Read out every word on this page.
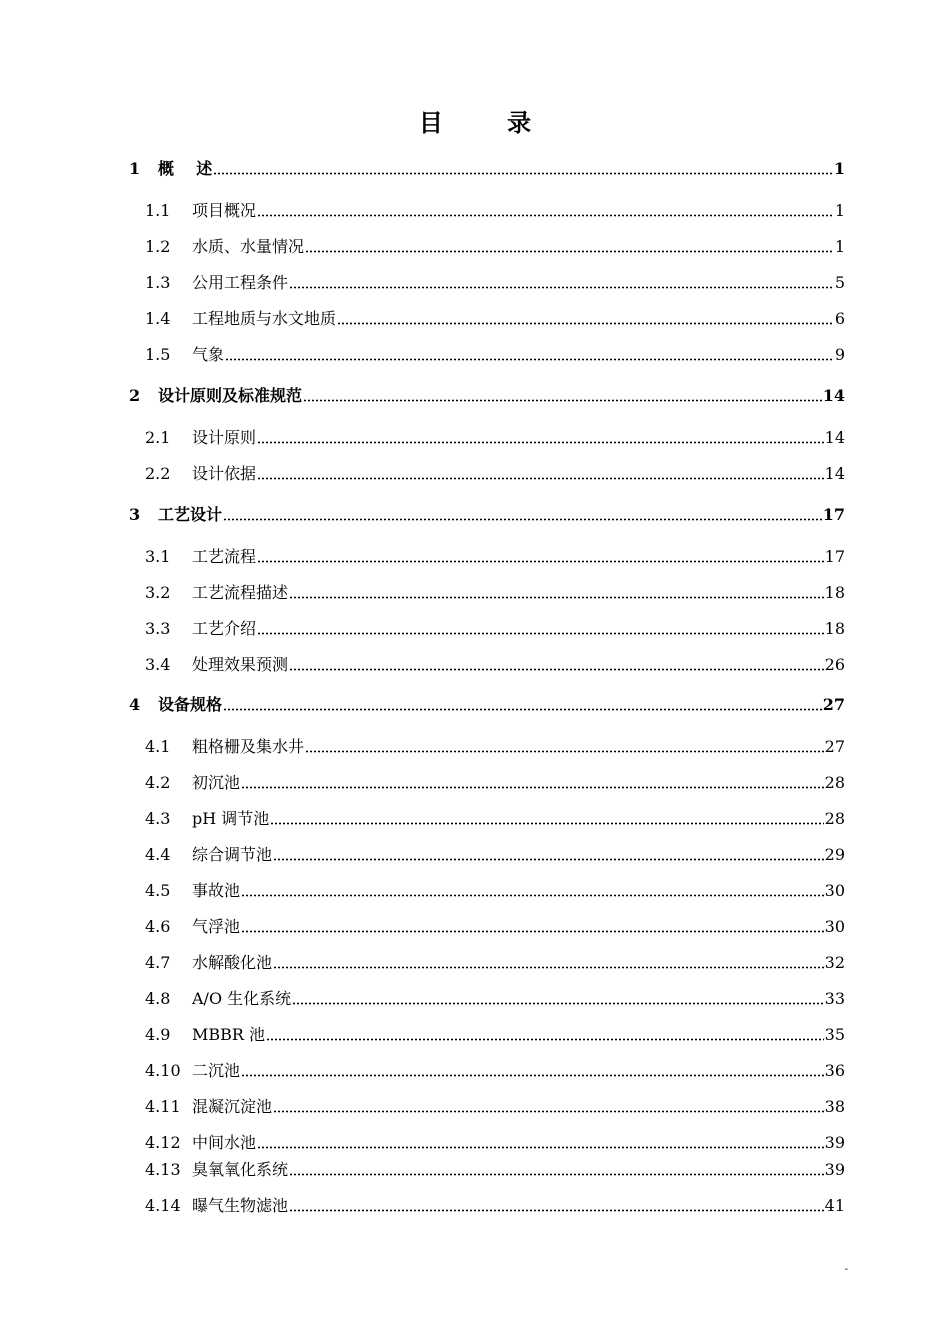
目 录
1	概    述	1
1.1	项目概况	1
1.2	水质、水量情况	1
1.3	公用工程条件	5
1.4	工程地质与水文地质	6
1.5	气象	9
2	设计原则及标准规范	14
2.1	设计原则	14
2.2	设计依据	14
3	工艺设计	17
3.1	工艺流程	17
3.2	工艺流程描述	18
3.3	工艺介绍	18
3.4	处理效果预测	26
4	设备规格	27
4.1	粗格栅及集水井	27
4.2	初沉池	28
4.3	pH 调节池	28
4.4	综合调节池	29
4.5	事故池	30
4.6	气浮池	30
4.7	水解酸化池	32
4.8	A/O 生化系统	33
4.9	MBBR 池	35
4.10 二沉池	36
4.11 混凝沉淀池	38
4.12 中间水池	39
4.13 臭氧氧化系统	39
4.14 曝气生物滤池	41
-
